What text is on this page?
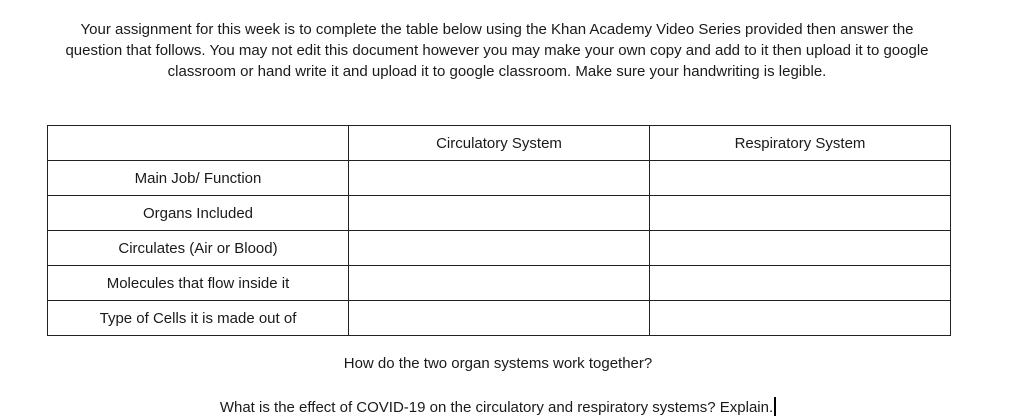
Your assignment for this week is to complete the table below using the Khan Academy Video Series provided then answer the
question that follows. You may not edit this document however you may make your own copy and add to it then upload it to google
classroom or hand write it and upload it to google classroom. Make sure your handwriting is legible.
	Circulatory System	Respiratory System
Main Job/ Function		
Organs Included		
Circulates (Air or Blood)		
Molecules that flow inside it		
Type of Cells it is made out of		
How do the two organ systems work together?
What is the effect of COVID-19 on the circulatory and respiratory systems? Explain.
